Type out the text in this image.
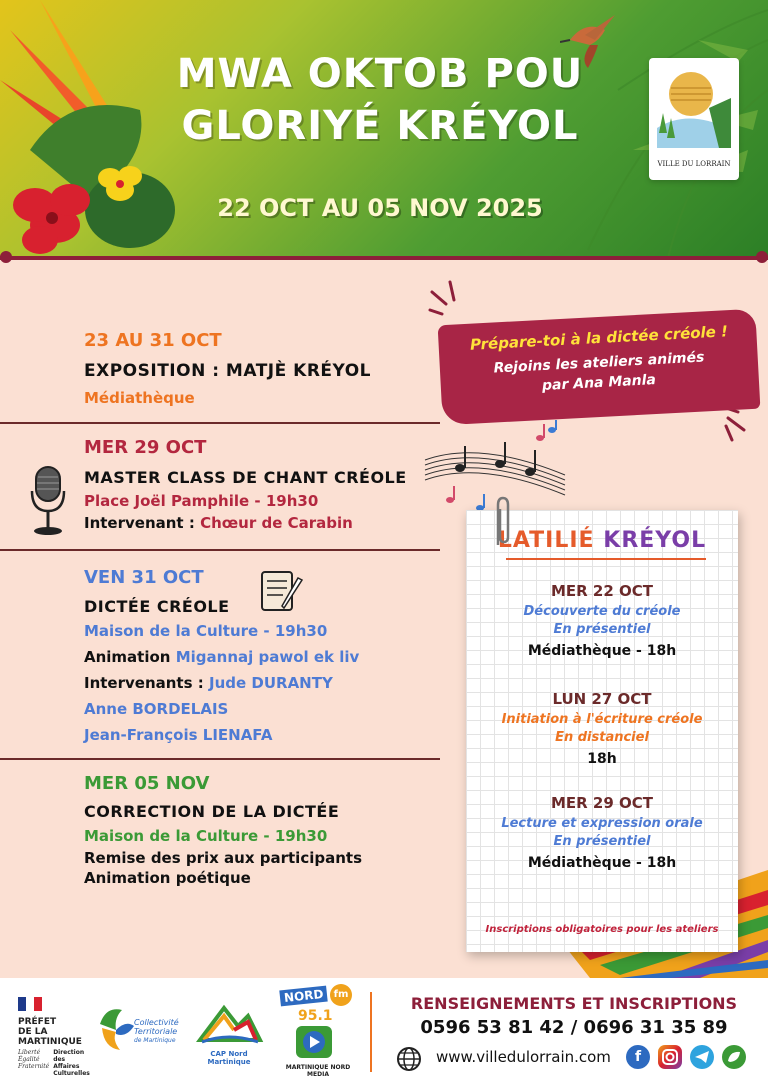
MWA OKTOB POU
GLORIYÉ KRÉYOL
22 OCT AU 05 NOV 2025
VILLE DU LORRAIN
23 AU 31 OCT
EXPOSITION : MATJÈ KRÉYOL
Médiathèque
MER 29 OCT
MASTER CLASS DE CHANT CRÉOLE
Place Joël Pamphile - 19h30
Intervenant : Chœur de Carabin
VEN 31 OCT
DICTÉE CRÉOLE
Maison de la Culture - 19h30
Animation Migannaj pawol ek liv
Intervenants : Jude DURANTY
Anne BORDELAIS
Jean-François LIENAFA
MER 05 NOV
CORRECTION DE LA DICTÉE
Maison de la Culture - 19h30
Remise des prix aux participants
Animation poétique
Prépare-toi à la dictée créole !
Rejoins les ateliers animés
par Ana Manla
LATILIÉ KRÉYOL
MER 22 OCT
Découverte du créole
En présentiel
Médiathèque - 18h
LUN 27 OCT
Initiation à l'écriture créole
En distanciel
18h
MER 29 OCT
Lecture et expression orale
En présentiel
Médiathèque - 18h
Inscriptions obligatoires pour les ateliers
PRÉFET
DE LA
MARTINIQUE
Liberté
Égalité
Fraternité
Direction des
Affaires
Culturelles
Collectivité
Territoriale
de Martinique
CAP Nord Martinique
NORD fm
95.1
MARTINIQUE NORD MEDIA
RENSEIGNEMENTS ET INSCRIPTIONS
0596 53 81 42 / 0696 31 35 89
www.villedulorrain.com	f
